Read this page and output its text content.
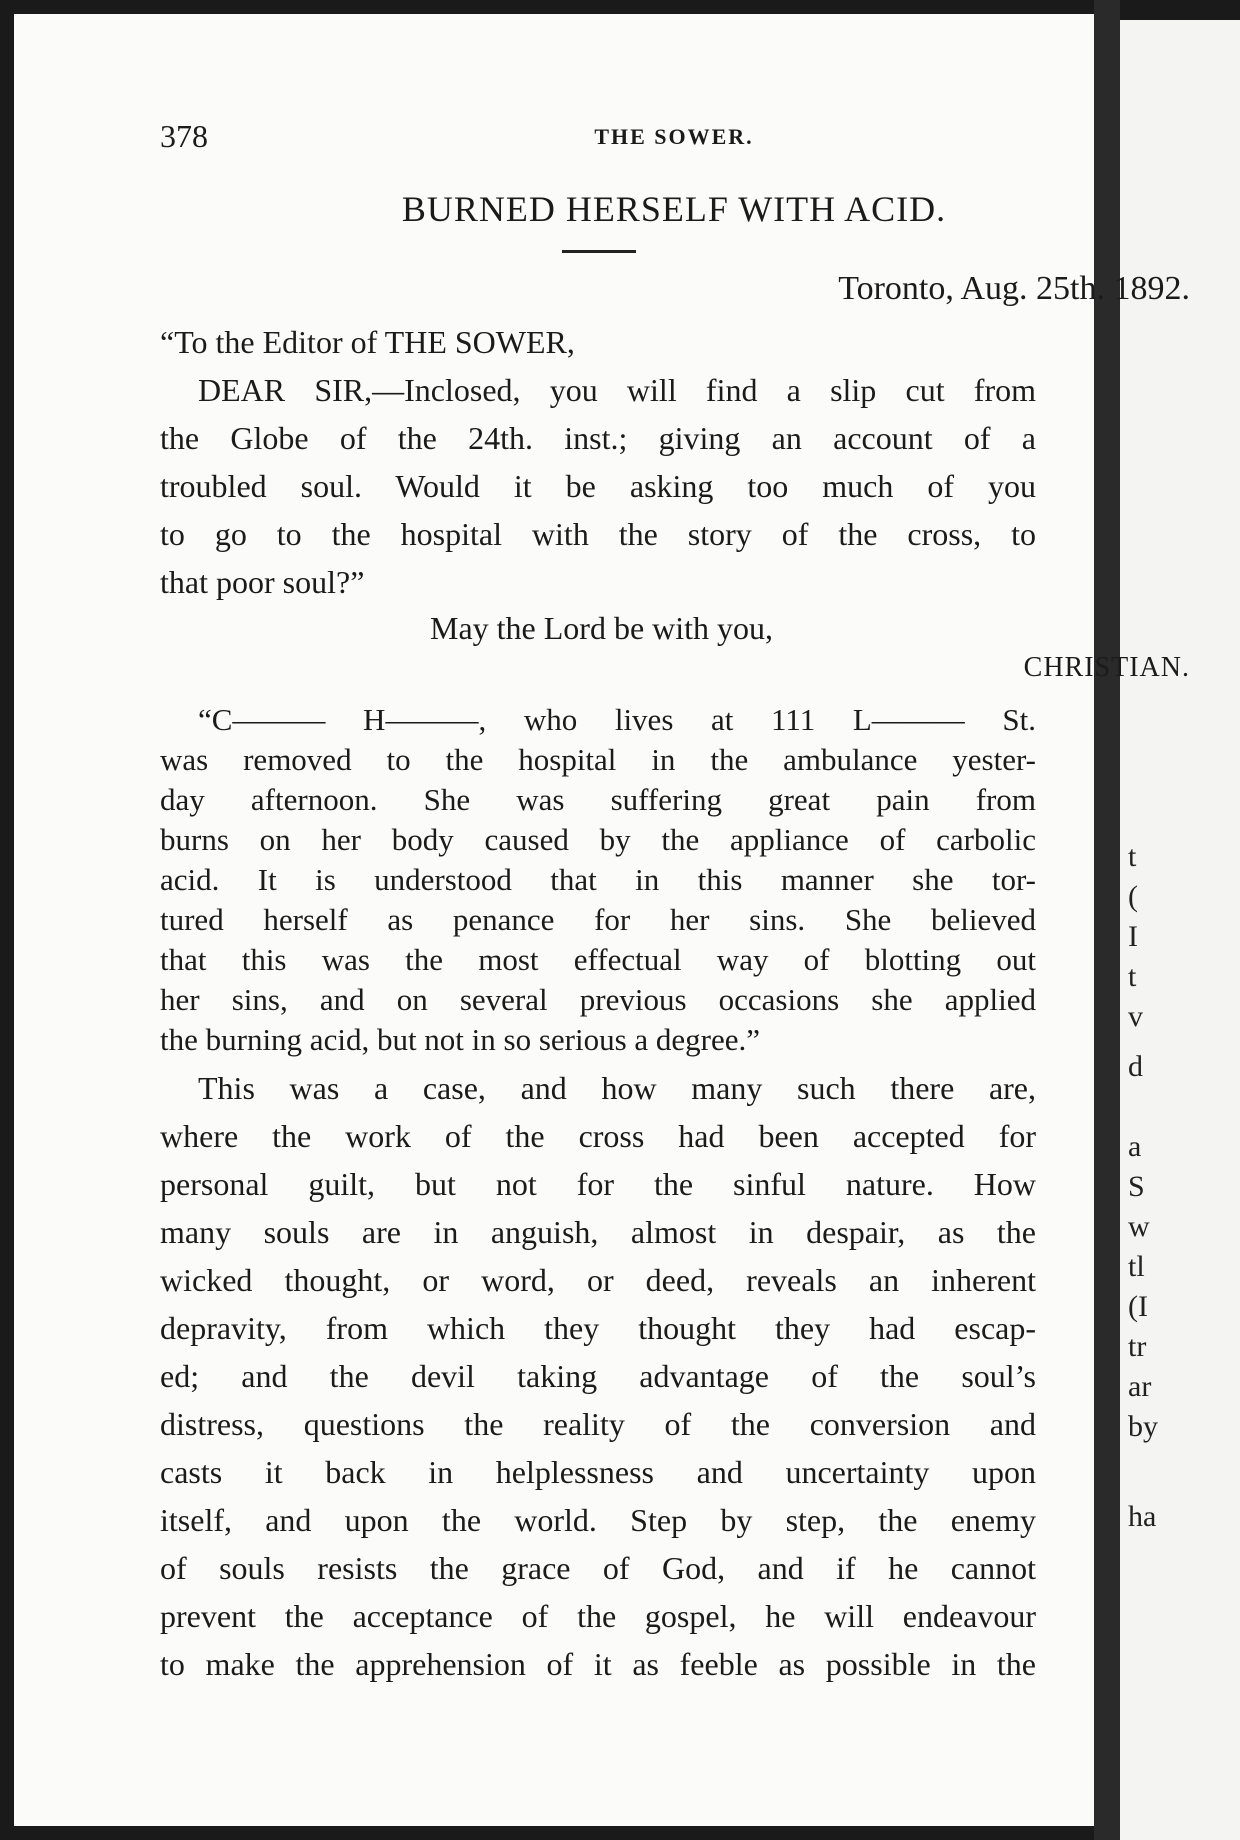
t
(
I
t
v
d
a
S
w
tl
(I
tr
ar
by
ha
378	THE SOWER.
BURNED HERSELF WITH ACID.
Toronto, Aug. 25th. 1892.
“To the Editor of THE SOWER,
DEAR SIR,—Inclosed, you will find a slip cut from
the Globe of the 24th. inst.; giving an account of a
troubled soul. Would it be asking too much of you
to go to the hospital with the story of the cross, to
that poor soul?”
May the Lord be with you,
CHRISTIAN.
“C——— H———, who lives at 111 L——— St.
was removed to the hospital in the ambulance yester-
day afternoon. She was suffering great pain from
burns on her body caused by the appliance of carbolic
acid. It is understood that in this manner she tor-
tured herself as penance for her sins. She believed
that this was the most effectual way of blotting out
her sins, and on several previous occasions she applied
the burning acid, but not in so serious a degree.”
This was a case, and how many such there are,
where the work of the cross had been accepted for
personal guilt, but not for the sinful nature. How
many souls are in anguish, almost in despair, as the
wicked thought, or word, or deed, reveals an inherent
depravity, from which they thought they had escap-
ed; and the devil taking advantage of the soul’s
distress, questions the reality of the conversion and
casts it back in helplessness and uncertainty upon
itself, and upon the world. Step by step, the enemy
of souls resists the grace of God, and if he cannot
prevent the acceptance of the gospel, he will endeavour
to make the apprehension of it as feeble as possible in the
